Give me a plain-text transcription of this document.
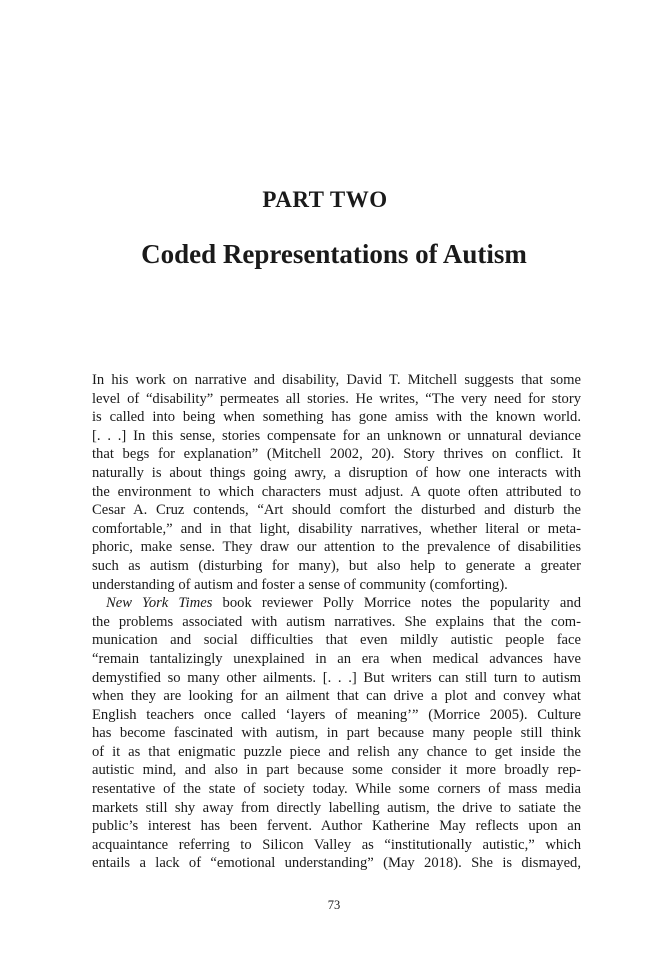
PART TWO
Coded Representations of Autism
In his work on narrative and disability, David T. Mitchell suggests that some
level of “disability” permeates all stories. He writes, “The very need for story
is called into being when something has gone amiss with the known world.
[. . .] In this sense, stories compensate for an unknown or unnatural deviance
that begs for explanation” (Mitchell 2002, 20). Story thrives on conflict. It
naturally is about things going awry, a disruption of how one interacts with
the environment to which characters must adjust. A quote often attributed to
Cesar A. Cruz contends, “Art should comfort the disturbed and disturb the
comfortable,” and in that light, disability narratives, whether literal or meta-
phoric, make sense. They draw our attention to the prevalence of disabilities
such as autism (disturbing for many), but also help to generate a greater
understanding of autism and foster a sense of community (comforting).
New York Times book reviewer Polly Morrice notes the popularity and
the problems associated with autism narratives. She explains that the com-
munication and social difficulties that even mildly autistic people face
“remain tantalizingly unexplained in an era when medical advances have
demystified so many other ailments. [. . .] But writers can still turn to autism
when they are looking for an ailment that can drive a plot and convey what
English teachers once called ‘layers of meaning’” (Morrice 2005). Culture
has become fascinated with autism, in part because many people still think
of it as that enigmatic puzzle piece and relish any chance to get inside the
autistic mind, and also in part because some consider it more broadly rep-
resentative of the state of society today. While some corners of mass media
markets still shy away from directly labelling autism, the drive to satiate the
public’s interest has been fervent. Author Katherine May reflects upon an
acquaintance referring to Silicon Valley as “institutionally autistic,” which
entails a lack of “emotional understanding” (May 2018). She is dismayed,
73
